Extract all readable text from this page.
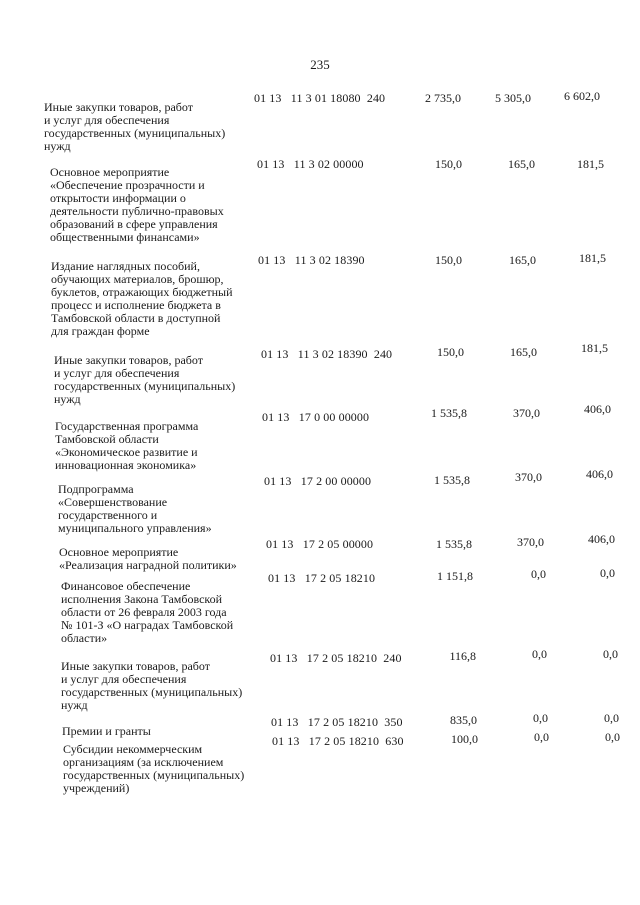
235
Иные закупки товаров, работ
и услуг для обеспечения
государственных (муниципальных)
нужд
01 13   11 3 01 18080  240	2 735,0	5 305,0	6 602,0
Основное мероприятие
«Обеспечение прозрачности и
открытости информации о
деятельности публично-правовых
образований в сфере управления
общественными финансами»
01 13   11 3 02 00000	150,0	165,0	181,5
Издание наглядных пособий,
обучающих материалов, брошюр,
буклетов, отражающих бюджетный
процесс и исполнение бюджета в
Тамбовской области в доступной
для граждан форме
01 13   11 3 02 18390	150,0	165,0	181,5
Иные закупки товаров, работ
и услуг для обеспечения
государственных (муниципальных)
нужд
01 13   11 3 02 18390  240	150,0	165,0	181,5
Государственная программа
Тамбовской области
«Экономическое развитие и
инновационная экономика»
01 13   17 0 00 00000	1 535,8	370,0	406,0
Подпрограмма
«Совершенствование
государственного и
муниципального управления»
01 13   17 2 00 00000	1 535,8	370,0	406,0
Основное мероприятие
«Реализация наградной политики»
01 13   17 2 05 00000	1 535,8	370,0	406,0
Финансовое обеспечение
исполнения Закона Тамбовской
области от 26 февраля 2003 года
№ 101-З «О наградах Тамбовской
области»
01 13   17 2 05 18210	1 151,8	0,0	0,0
Иные закупки товаров, работ
и услуг для обеспечения
государственных (муниципальных)
нужд
01 13   17 2 05 18210  240	116,8	0,0	0,0
Премии и гранты
01 13   17 2 05 18210  350	835,0	0,0	0,0
Субсидии некоммерческим
организациям (за исключением
государственных (муниципальных)
учреждений)
01 13   17 2 05 18210  630	100,0	0,0	0,0
